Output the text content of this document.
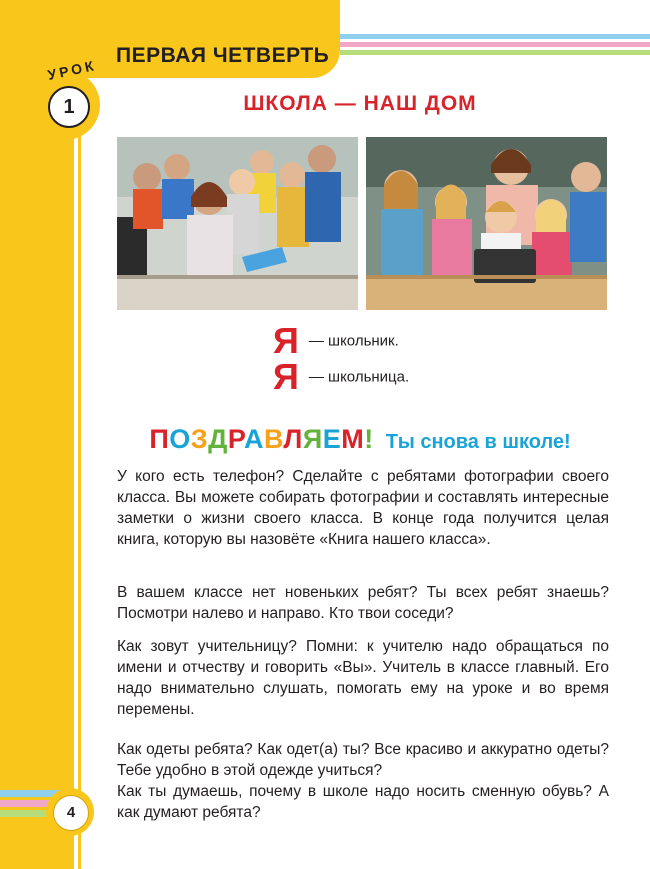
ПЕРВАЯ ЧЕТВЕРТЬ
УРОК
1	ШКОЛА — НАШ ДОМ
Я — школьник.
Я — школьница.
ПОЗДРАВЛЯЕМ! Ты снова в школе!

У кого есть телефон? Сделайте с ребятами фотографии своего класса. Вы можете собирать фотографии и составлять интересные заметки о жизни своего класса. В конце года получится целая книга, которую вы назовёте «Книга нашего класса».

В вашем классе нет новеньких ребят? Ты всех ребят знаешь? Посмотри налево и направо. Кто твои соседи?

Как зовут учительницу? Помни: к учителю надо обращаться по имени и отчеству и говорить «Вы». Учитель в классе главный. Его надо внимательно слушать, помогать ему на уроке и во время перемены.

Как одеты ребята? Как одет(а) ты? Все красиво и аккуратно одеты? Тебе удобно в этой одежде учиться?

Как ты думаешь, почему в школе надо носить сменную обувь? А как думают ребята?

4
